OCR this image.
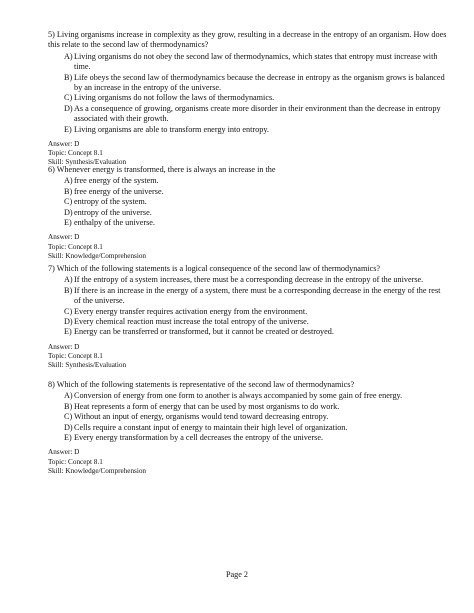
5) Living organisms increase in complexity as they grow, resulting in a decrease in the entropy of an organism. How does this relate to the second law of thermodynamics?

A) Living organisms do not obey the second law of thermodynamics, which states that entropy must increase with time.
B) Life obeys the second law of thermodynamics because the decrease in entropy as the organism grows is balanced by an increase in the entropy of the universe.
C) Living organisms do not follow the laws of thermodynamics.
D) As a consequence of growing, organisms create more disorder in their environment than the decrease in entropy associated with their growth.
E) Living organisms are able to transform energy into entropy.
Answer: D
Topic: Concept 8.1
Skill: Synthesis/Evaluation

6) Whenever energy is transformed, there is always an increase in the

A) free energy of the system.
B) free energy of the universe.
C) entropy of the system.
D) entropy of the universe.
E) enthalpy of the universe.
Answer: D
Topic: Concept 8.1
Skill: Knowledge/Comprehension

7) Which of the following statements is a logical consequence of the second law of thermodynamics?

A) If the entropy of a system increases, there must be a corresponding decrease in the entropy of the universe.
B) If there is an increase in the energy of a system, there must be a corresponding decrease in the energy of the rest of the universe.
C) Every energy transfer requires activation energy from the environment.
D) Every chemical reaction must increase the total entropy of the universe.
E) Energy can be transferred or transformed, but it cannot be created or destroyed.
Answer: D
Topic: Concept 8.1
Skill: Synthesis/Evaluation

8) Which of the following statements is representative of the second law of thermodynamics?

A) Conversion of energy from one form to another is always accompanied by some gain of free energy.
B) Heat represents a form of energy that can be used by most organisms to do work.
C) Without an input of energy, organisms would tend toward decreasing entropy.
D) Cells require a constant input of energy to maintain their high level of organization.
E) Every energy transformation by a cell decreases the entropy of the universe.
Answer: D
Topic: Concept 8.1
Skill: Knowledge/Comprehension
Page 2
